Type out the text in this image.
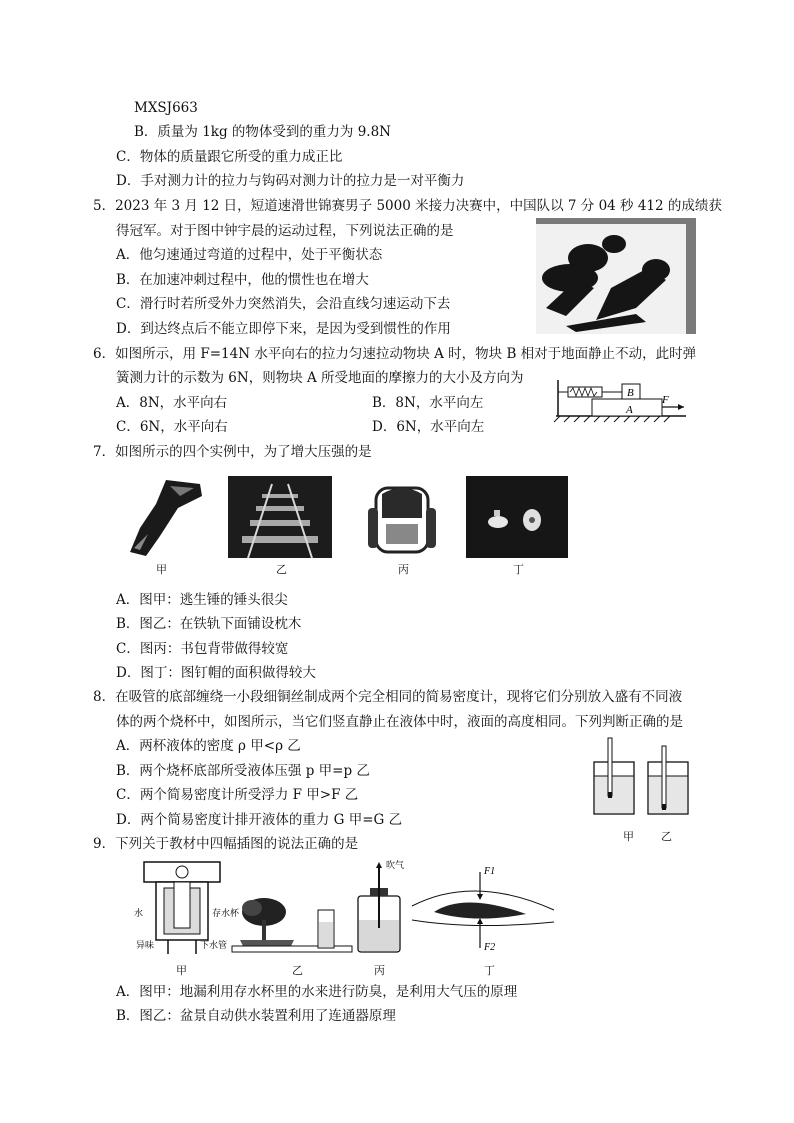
MXSJ663
B．质量为 1kg 的物体受到的重力为 9.8N
C．物体的质量跟它所受的重力成正比
D．手对测力计的拉力与钩码对测力计的拉力是一对平衡力
5．2023 年 3 月 12 日，短道速滑世锦赛男子 5000 米接力决赛中，中国队以 7 分 04 秒 412 的成绩获
得冠军。对于图中钟宇晨的运动过程，下列说法正确的是
A．他匀速通过弯道的过程中，处于平衡状态
B．在加速冲刺过程中，他的惯性也在增大
C．滑行时若所受外力突然消失，会沿直线匀速运动下去
D．到达终点后不能立即停下来，是因为受到惯性的作用
6．如图所示，用 F=14N 水平向右的拉力匀速拉动物块 A 时，物块 B 相对于地面静止不动，此时弹
簧测力计的示数为 6N，则物块 A 所受地面的摩擦力的大小及方向为
A．8N，水平向右	B．8N，水平向左
C．6N，水平向右	D．6N，水平向左
B
A
F
7．如图所示的四个实例中，为了增大压强的是
甲	乙	丙	丁
A．图甲：逃生锤的锤头很尖
B．图乙：在铁轨下面铺设枕木
C．图丙：书包背带做得较宽
D．图丁：图钉帽的面积做得较大
8．在吸管的底部缠绕一小段细铜丝制成两个完全相同的简易密度计，现将它们分别放入盛有不同液
体的两个烧杯中，如图所示，当它们竖直静止在液体中时，液面的高度相同。下列判断正确的是
A．两杯液体的密度 ρ 甲<ρ 乙
B．两个烧杯底部所受液体压强 p 甲=p 乙
C．两个简易密度计所受浮力 F 甲>F 乙
D．两个简易密度计排开液体的重力 G 甲=G 乙
甲 乙
9．下列关于教材中四幅插图的说法正确的是
水	存水杯
异味	下水管
吹气	F1
F2
甲	乙	丙	丁
A．图甲：地漏利用存水杯里的水来进行防臭，是利用大气压的原理
B．图乙：盆景自动供水装置利用了连通器原理
